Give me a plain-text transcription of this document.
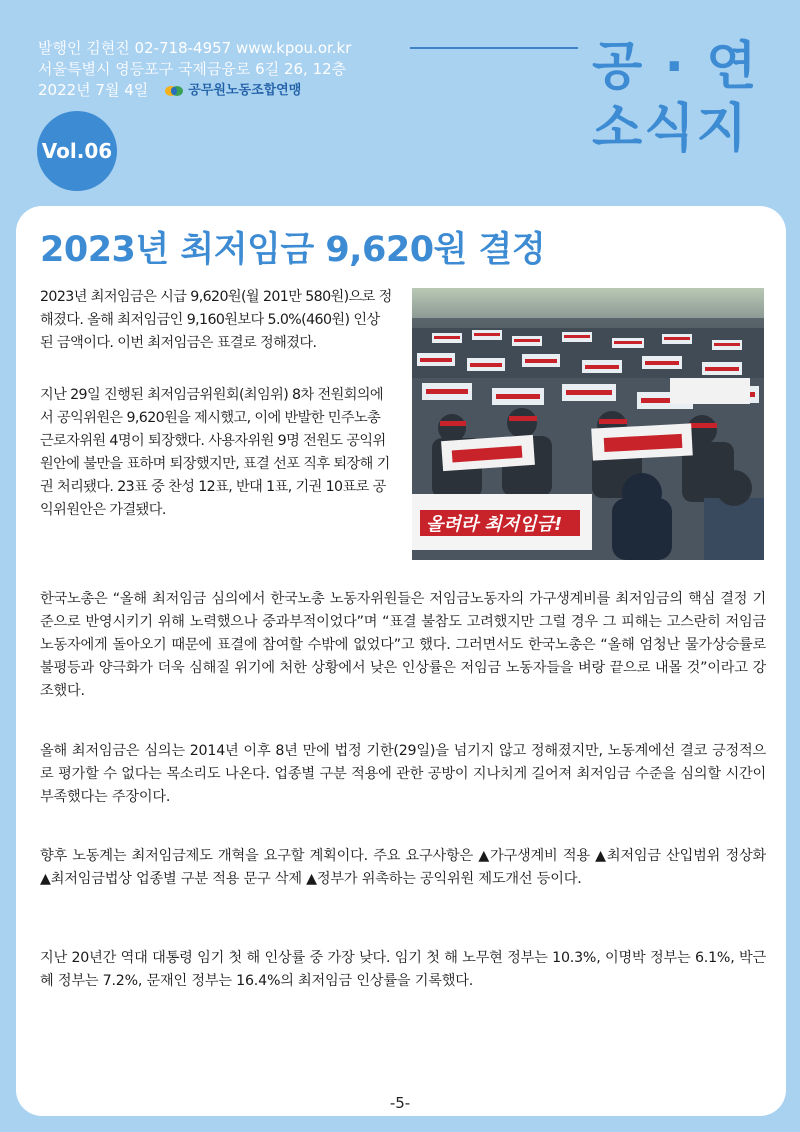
발행인 김현진 02-718-4957 www.kpou.or.kr
서울특별시 영등포구 국제금융로 6길 26, 12층
2022년 7월 4일	공무원노동조합연맹
Vol.06
공 · 연
소식지
2023년 최저임금 9,620원 결정
2023년 최저임금은 시급 9,620원(월 201만 580원)으로 정해졌다. 올해 최저임금인 9,160원보다 5.0%(460원) 인상된 금액이다. 이번 최저임금은 표결로 정해졌다.
지난 29일 진행된 최저임금위원회(최임위) 8차 전원회의에서 공익위원은 9,620원을 제시했고, 이에 반발한 민주노총 근로자위원 4명이 퇴장했다. 사용자위원 9명 전원도 공익위원안에 불만을 표하며 퇴장했지만, 표결 선포 직후 퇴장해 기권 처리됐다. 23표 중 찬성 12표, 반대 1표, 기권 10표로 공익위원안은 가결됐다.
올려라 최저임금!
한국노총은 “올해 최저임금 심의에서 한국노총 노동자위원들은 저임금노동자의 가구생계비를 최저임금의 핵심 결정 기준으로 반영시키기 위해 노력했으나 중과부적이었다”며 “표결 불참도 고려했지만 그럴 경우 그 피해는 고스란히 저임금 노동자에게 돌아오기 때문에 표결에 참여할 수밖에 없었다”고 했다. 그러면서도 한국노총은 “올해 엄청난 물가상승률로 불평등과 양극화가 더욱 심해질 위기에 처한 상황에서 낮은 인상률은 저임금 노동자들을 벼랑 끝으로 내몰 것”이라고 강조했다.
올해 최저임금은 심의는 2014년 이후 8년 만에 법정 기한(29일)을 넘기지 않고 정해졌지만, 노동계에선 결코 긍정적으로 평가할 수 없다는 목소리도 나온다. 업종별 구분 적용에 관한 공방이 지나치게 길어져 최저임금 수준을 심의할 시간이 부족했다는 주장이다.
향후 노동계는 최저임금제도 개혁을 요구할 계획이다. 주요 요구사항은 ▲가구생계비 적용 ▲최저임금 산입범위 정상화 ▲최저임금법상 업종별 구분 적용 문구 삭제 ▲정부가 위촉하는 공익위원 제도개선 등이다.
지난 20년간 역대 대통령 임기 첫 해 인상률 중 가장 낮다. 임기 첫 해 노무현 정부는 10.3%, 이명박 정부는 6.1%, 박근혜 정부는 7.2%, 문재인 정부는 16.4%의 최저임금 인상률을 기록했다.
-5-
